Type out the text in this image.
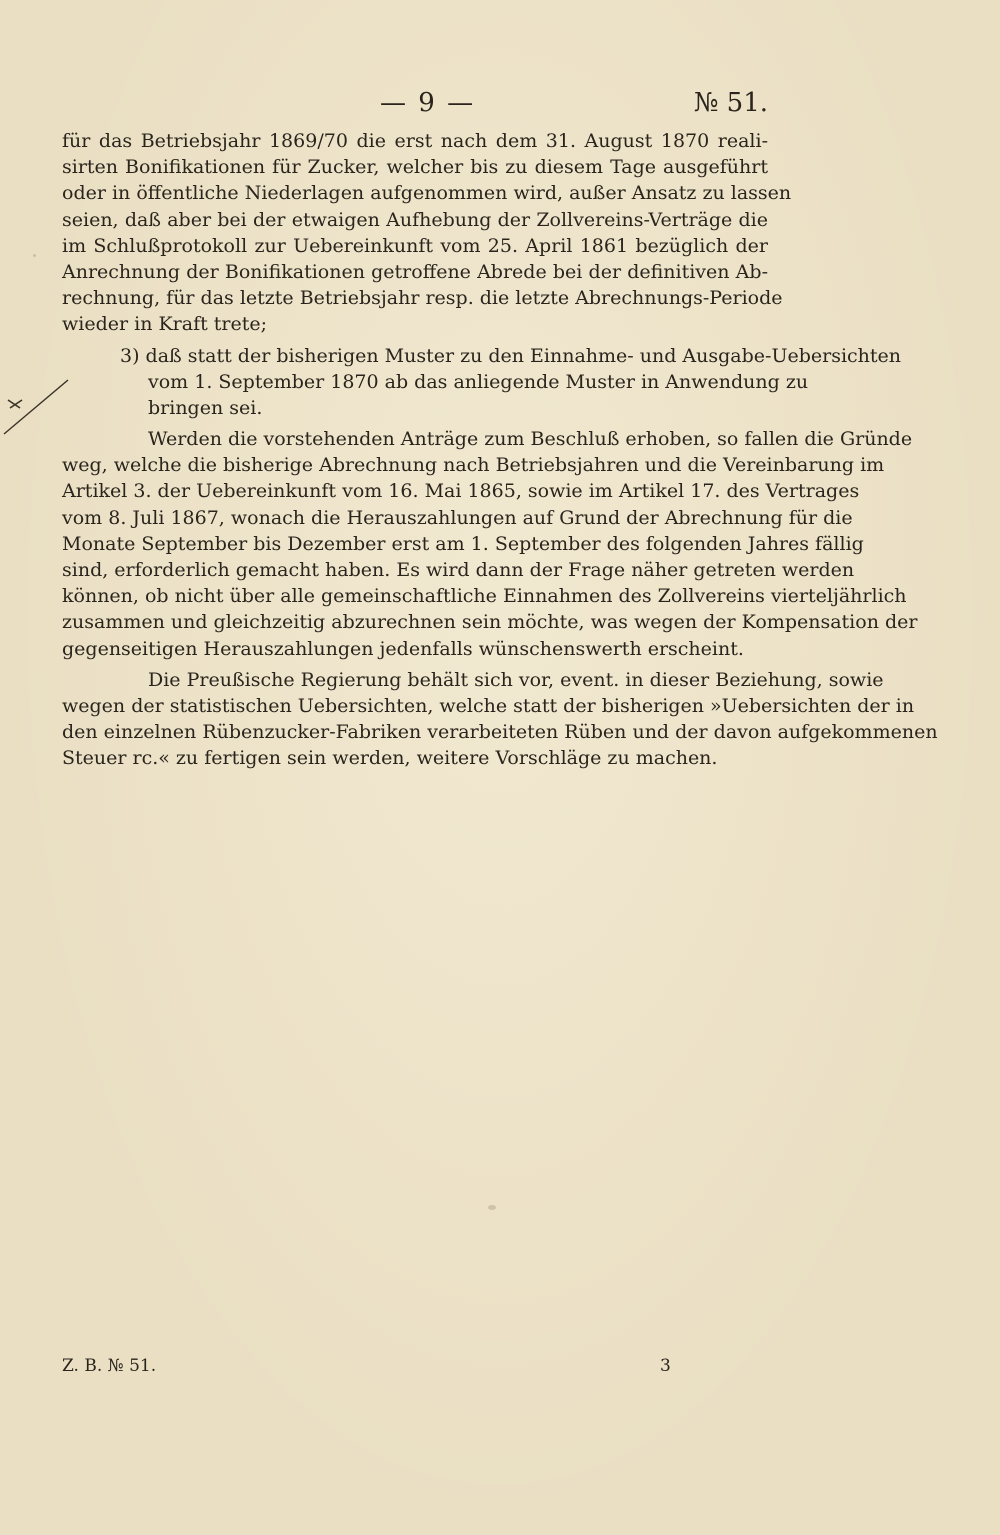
— 9 —	№ 51.
für das Betriebsjahr 1869/70 die erst nach dem 31. August 1870 reali-
sirten Bonifikationen für Zucker, welcher bis zu diesem Tage ausgeführt
oder in öffentliche Niederlagen aufgenommen wird, außer Ansatz zu lassen
seien, daß aber bei der etwaigen Aufhebung der Zollvereins-Verträge die
im Schlußprotokoll zur Uebereinkunft vom 25. April 1861 bezüglich der
Anrechnung der Bonifikationen getroffene Abrede bei der definitiven Ab-
rechnung, für das letzte Betriebsjahr resp. die letzte Abrechnungs-Periode
wieder in Kraft trete;
3) daß statt der bisherigen Muster zu den Einnahme- und Ausgabe-Uebersichten
vom 1. September 1870 ab das anliegende Muster in Anwendung zu
bringen sei.
Werden die vorstehenden Anträge zum Beschluß erhoben, so fallen die Gründe
weg, welche die bisherige Abrechnung nach Betriebsjahren und die Vereinbarung im
Artikel 3. der Uebereinkunft vom 16. Mai 1865, sowie im Artikel 17. des Vertrages
vom 8. Juli 1867, wonach die Herauszahlungen auf Grund der Abrechnung für die
Monate September bis Dezember erst am 1. September des folgenden Jahres fällig
sind, erforderlich gemacht haben. Es wird dann der Frage näher getreten werden
können, ob nicht über alle gemeinschaftliche Einnahmen des Zollvereins vierteljährlich
zusammen und gleichzeitig abzurechnen sein möchte, was wegen der Kompensation der
gegenseitigen Herauszahlungen jedenfalls wünschenswerth erscheint.
Die Preußische Regierung behält sich vor, event. in dieser Beziehung, sowie
wegen der statistischen Uebersichten, welche statt der bisherigen »Uebersichten der in
den einzelnen Rübenzucker-Fabriken verarbeiteten Rüben und der davon aufgekommenen
Steuer rc.« zu fertigen sein werden, weitere Vorschläge zu machen.
Z. B. № 51.	3
